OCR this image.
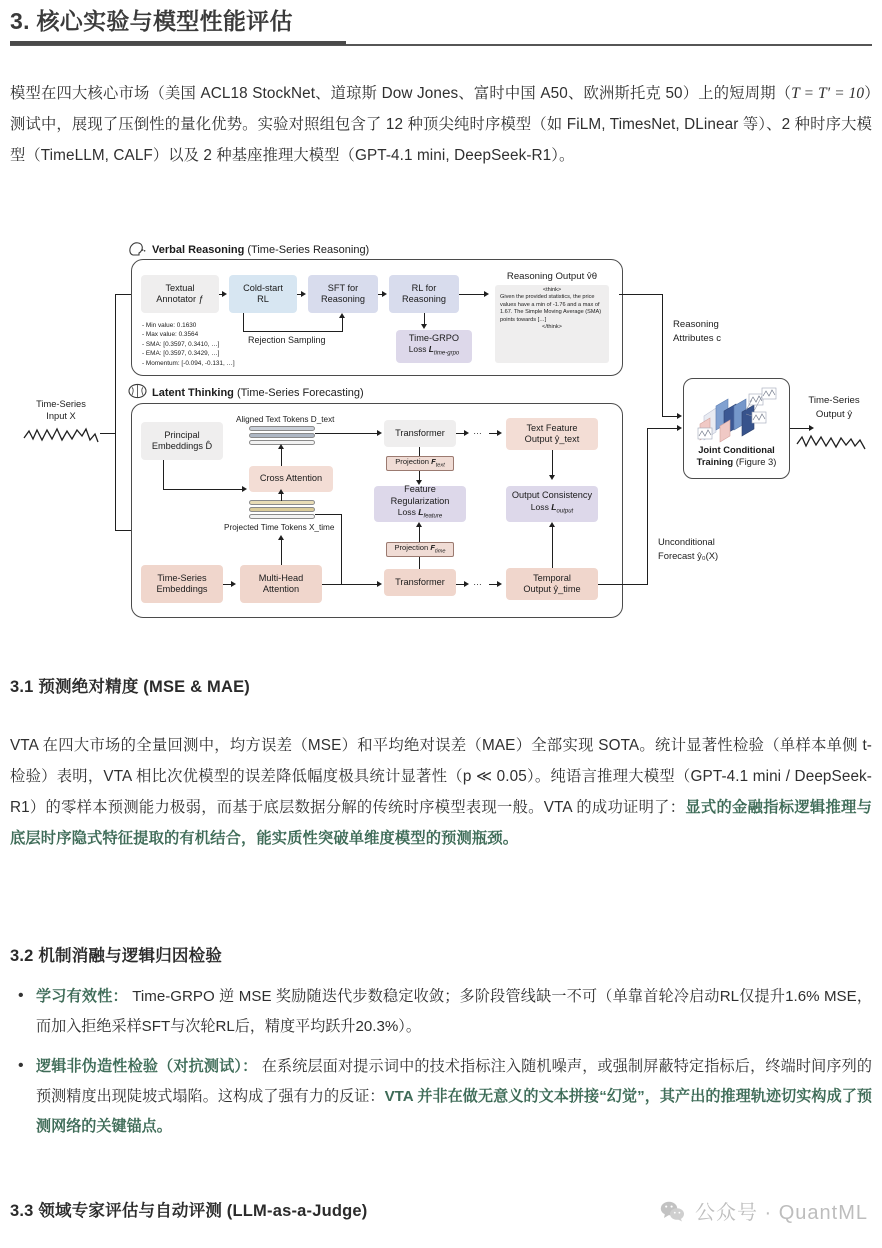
3. 核心实验与模型性能评估
模型在四大核心市场（美国 ACL18 StockNet、道琼斯 Dow Jones、富时中国 A50、欧洲斯托克 50）上的短周期（T = T′ = 10）测试中，展现了压倒性的量化优势。实验对照组包含了 12 种顶尖纯时序模型（如 FiLM, TimesNet, DLinear 等）、2 种时序大模型（TimeLLM, CALF）以及 2 种基座推理大模型（GPT-4.1 mini, DeepSeek-R1）。
Time-Series
Input X
Verbal Reasoning (Time-Series Reasoning)
Textual
Annotator ƒ
- Min value: 0.1630
- Max value: 0.3564
- SMA: [0.3597, 0.3410, …]
- EMA: [0.3597, 0.3429, …]
- Momentum: [-0.094, -0.131, …]
Cold-start
RL
SFT for
Reasoning
RL for
Reasoning
Rejection Sampling	Time-GRPO
Loss $L_{time-grpo}$
Reasoning Output v̂θ
<think>
Given the provided statistics, the price values have a min of -1.76 and a max of 1.67. The Simple Moving Average (SMA) points towards […]
</think>	Reasoning
Attributes c
Latent Thinking (Time-Series Forecasting)
Principal
Embeddings D̂
Aligned Text Tokens D_text
Cross Attention
Projected Time Tokens X_time
Time-Series
Embeddings
Multi-Head
Attention
Transformer	…	Text Feature
Output ŷ_text
Projection $F_{text}$
Feature Regularization
Loss $L_{feature}$
Projection $F_{time}$
Transformer	…	Temporal
Output ŷ_time
Output Consistency
Loss $L_{output}$
Unconditional
Forecast ŷ₀(X)
Joint Conditional
Training (Figure 3)
Time-Series
Output ŷ
3.1 预测绝对精度 (MSE & MAE)
VTA 在四大市场的全量回测中，均方误差（MSE）和平均绝对误差（MAE）全部实现 SOTA。统计显著性检验（单样本单侧 t-检验）表明，VTA 相比次优模型的误差降低幅度极具统计显著性（p ≪ 0.05）。纯语言推理大模型（GPT-4.1 mini / DeepSeek-R1）的零样本预测能力极弱，而基于底层数据分解的传统时序模型表现一般。VTA 的成功证明了：显式的金融指标逻辑推理与底层时序隐式特征提取的有机结合，能实质性突破单维度模型的预测瓶颈。
3.2 机制消融与逻辑归因检验
• 学习有效性： Time-GRPO 逆 MSE 奖励随迭代步数稳定收敛；多阶段管线缺一不可（单靠首轮冷启动RL仅提升1.6% MSE，而加入拒绝采样SFT与次轮RL后，精度平均跃升20.3%）。
• 逻辑非伪造性检验（对抗测试）： 在系统层面对提示词中的技术指标注入随机噪声，或强制屏蔽特定指标后，终端时间序列的预测精度出现陡坡式塌陷。这构成了强有力的反证：VTA 并非在做无意义的文本拼接“幻觉”，其产出的推理轨迹切实构成了预测网络的关键锚点。
3.3 领域专家评估与自动评测 (LLM-as-a-Judge)	公众号 · QuantML
